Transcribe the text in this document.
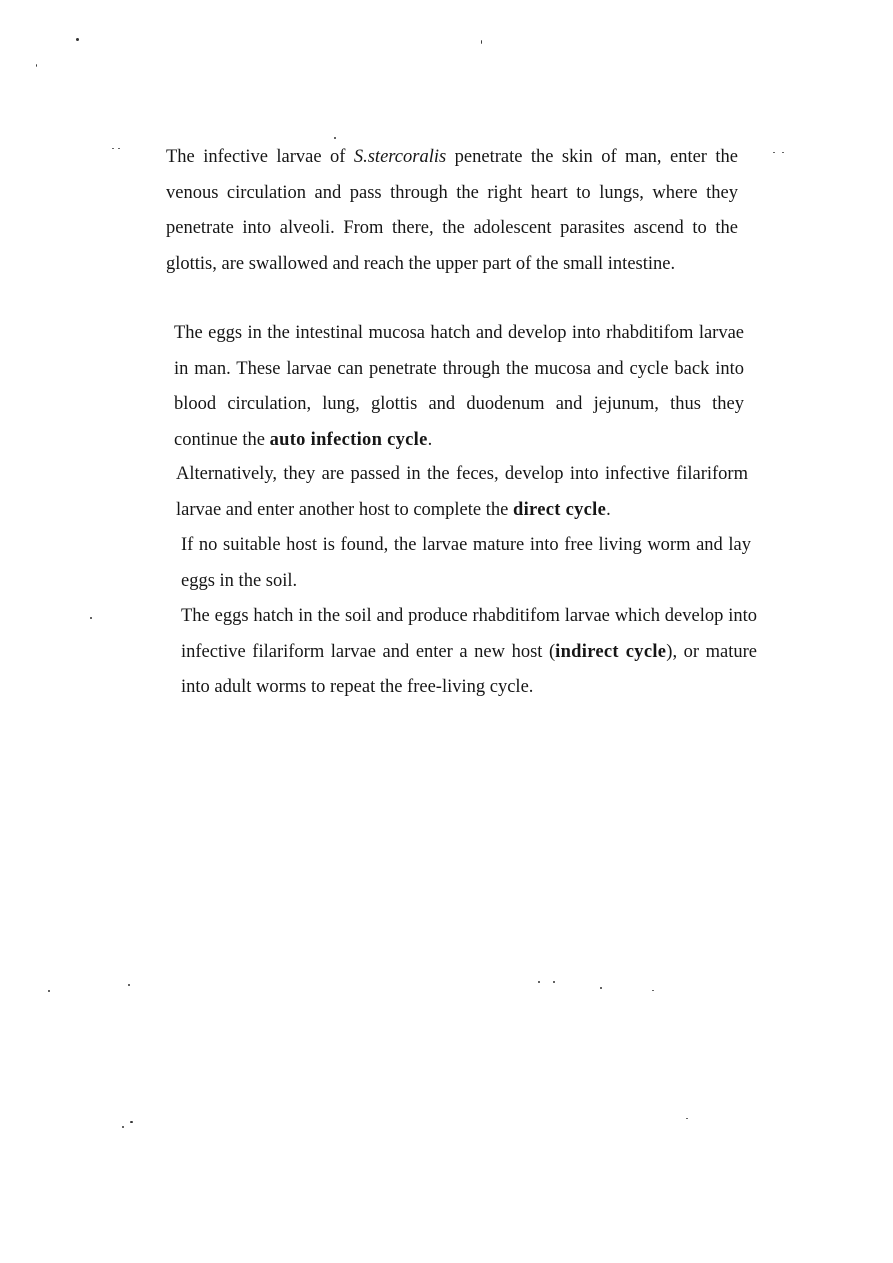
The infective larvae of S.stercoralis penetrate the skin of man, enter the venous circulation and pass through the right heart to lungs, where they penetrate into alveoli. From there, the adolescent parasites ascend to the glottis, are swallowed and reach the upper part of the small intestine.

The eggs in the intestinal mucosa hatch and develop into rhabditifom larvae in man. These larvae can penetrate through the mucosa and cycle back into blood circulation, lung, glottis and duodenum and jejunum, thus they continue the auto infection cycle.

Alternatively, they are passed in the feces, develop into infective filariform larvae and enter another host to complete the direct cycle.

If no suitable host is found, the larvae mature into free living worm and lay eggs in the soil.

The eggs hatch in the soil and produce rhabditifom larvae which develop into infective filariform larvae and enter a new host (indirect cycle), or mature into adult worms to repeat the free-living cycle.
